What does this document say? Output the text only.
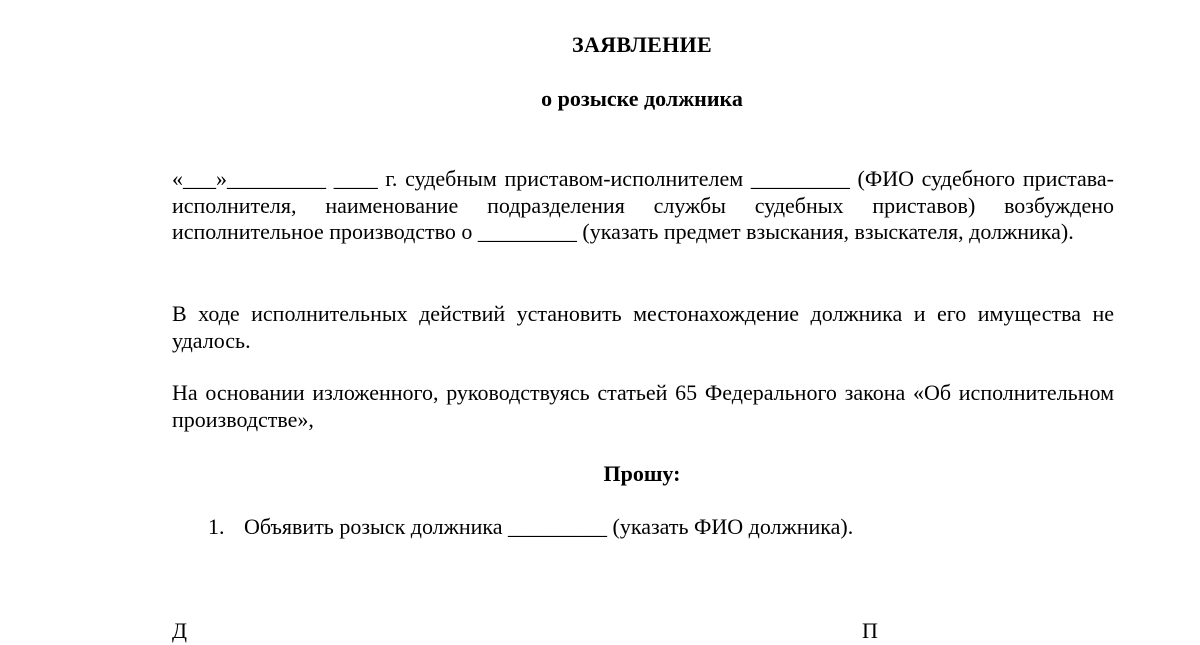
ЗАЯВЛЕНИЕ
о розыске должника
«___»_________ ____ г. судебным приставом-исполнителем _________ (ФИО судебного пристава-исполнителя, наименование подразделения службы судебных приставов) возбуждено исполнительное производство о _________ (указать предмет взыскания, взыскателя, должника).
В ходе исполнительных действий установить местонахождение должника и его имущества не удалось.
На основании изложенного, руководствуясь статьей 65 Федерального закона «Об исполнительном производстве»,
Прошу:
1. Объявить розыск должника _________ (указать ФИО должника).
Д	П
